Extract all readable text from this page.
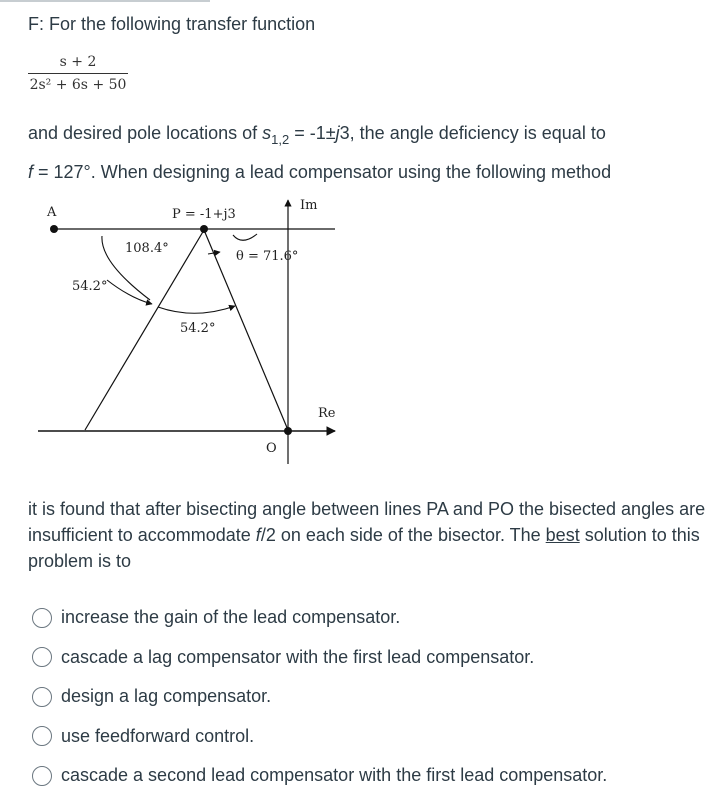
F: For the following transfer function
s + 2
2s² + 6s + 50
and desired pole locations of $s_{1,2} = -1\pm j3$, the angle deficiency is equal to
f = 127°. When designing a lead compensator using the following method
A	P = -1+j3
Im
Re
O
108.4°
θ = 71.6°
54.2°
54.2°
it is found that after bisecting angle between lines PA and PO the bisected angles are insufficient to accommodate f/2 on each side of the bisector. The best solution to this problem is to
increase the gain of the lead compensator.
cascade a lag compensator with the first lead compensator.
design a lag compensator.
use feedforward control.
cascade a second lead compensator with the first lead compensator.
